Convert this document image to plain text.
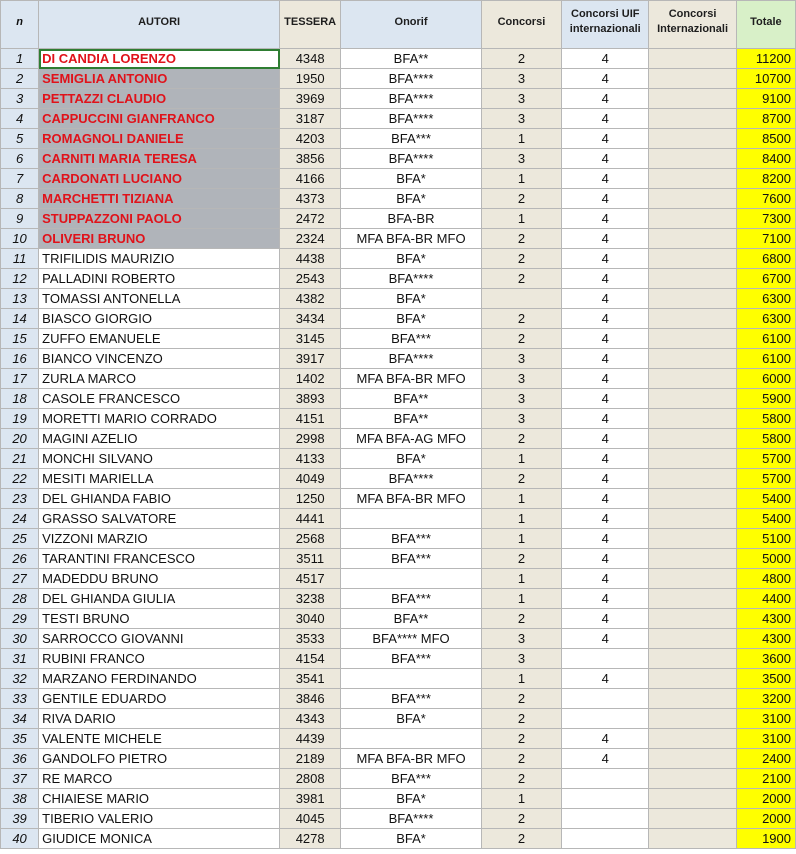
n	AUTORI	TESSERA	Onorif	Concorsi	Concorsi UIF internazionali	Concorsi Internazionali	Totale
1	DI CANDIA LORENZO	4348	BFA**	2	4		11200
2	SEMIGLIA ANTONIO	1950	BFA****	3	4		10700
3	PETTAZZI CLAUDIO	3969	BFA****	3	4		9100
4	CAPPUCCINI GIANFRANCO	3187	BFA****	3	4		8700
5	ROMAGNOLI DANIELE	4203	BFA***	1	4		8500
6	CARNITI MARIA TERESA	3856	BFA****	3	4		8400
7	CARDONATI LUCIANO	4166	BFA*	1	4		8200
8	MARCHETTI TIZIANA	4373	BFA*	2	4		7600
9	STUPPAZZONI PAOLO	2472	BFA-BR	1	4		7300
10	OLIVERI BRUNO	2324	MFA BFA-BR MFO	2	4		7100
11	TRIFILIDIS MAURIZIO	4438	BFA*	2	4		6800
12	PALLADINI ROBERTO	2543	BFA****	2	4		6700
13	TOMASSI ANTONELLA	4382	BFA*		4		6300
14	BIASCO GIORGIO	3434	BFA*	2	4		6300
15	ZUFFO EMANUELE	3145	BFA***	2	4		6100
16	BIANCO VINCENZO	3917	BFA****	3	4		6100
17	ZURLA MARCO	1402	MFA BFA-BR MFO	3	4		6000
18	CASOLE FRANCESCO	3893	BFA**	3	4		5900
19	MORETTI MARIO CORRADO	4151	BFA**	3	4		5800
20	MAGINI AZELIO	2998	MFA BFA-AG MFO	2	4		5800
21	MONCHI SILVANO	4133	BFA*	1	4		5700
22	MESITI MARIELLA	4049	BFA****	2	4		5700
23	DEL GHIANDA FABIO	1250	MFA BFA-BR MFO	1	4		5400
24	GRASSO SALVATORE	4441		1	4		5400
25	VIZZONI MARZIO	2568	BFA***	1	4		5100
26	TARANTINI FRANCESCO	3511	BFA***	2	4		5000
27	MADEDDU BRUNO	4517		1	4		4800
28	DEL GHIANDA GIULIA	3238	BFA***	1	4		4400
29	TESTI BRUNO	3040	BFA**	2	4		4300
30	SARROCCO GIOVANNI	3533	BFA**** MFO	3	4		4300
31	RUBINI FRANCO	4154	BFA***	3			3600
32	MARZANO FERDINANDO	3541		1	4		3500
33	GENTILE EDUARDO	3846	BFA***	2			3200
34	RIVA DARIO	4343	BFA*	2			3100
35	VALENTE MICHELE	4439		2	4		3100
36	GANDOLFO PIETRO	2189	MFA BFA-BR MFO	2	4		2400
37	RE MARCO	2808	BFA***	2			2100
38	CHIAIESE MARIO	3981	BFA*	1			2000
39	TIBERIO VALERIO	4045	BFA****	2			2000
40	GIUDICE MONICA	4278	BFA*	2			1900
